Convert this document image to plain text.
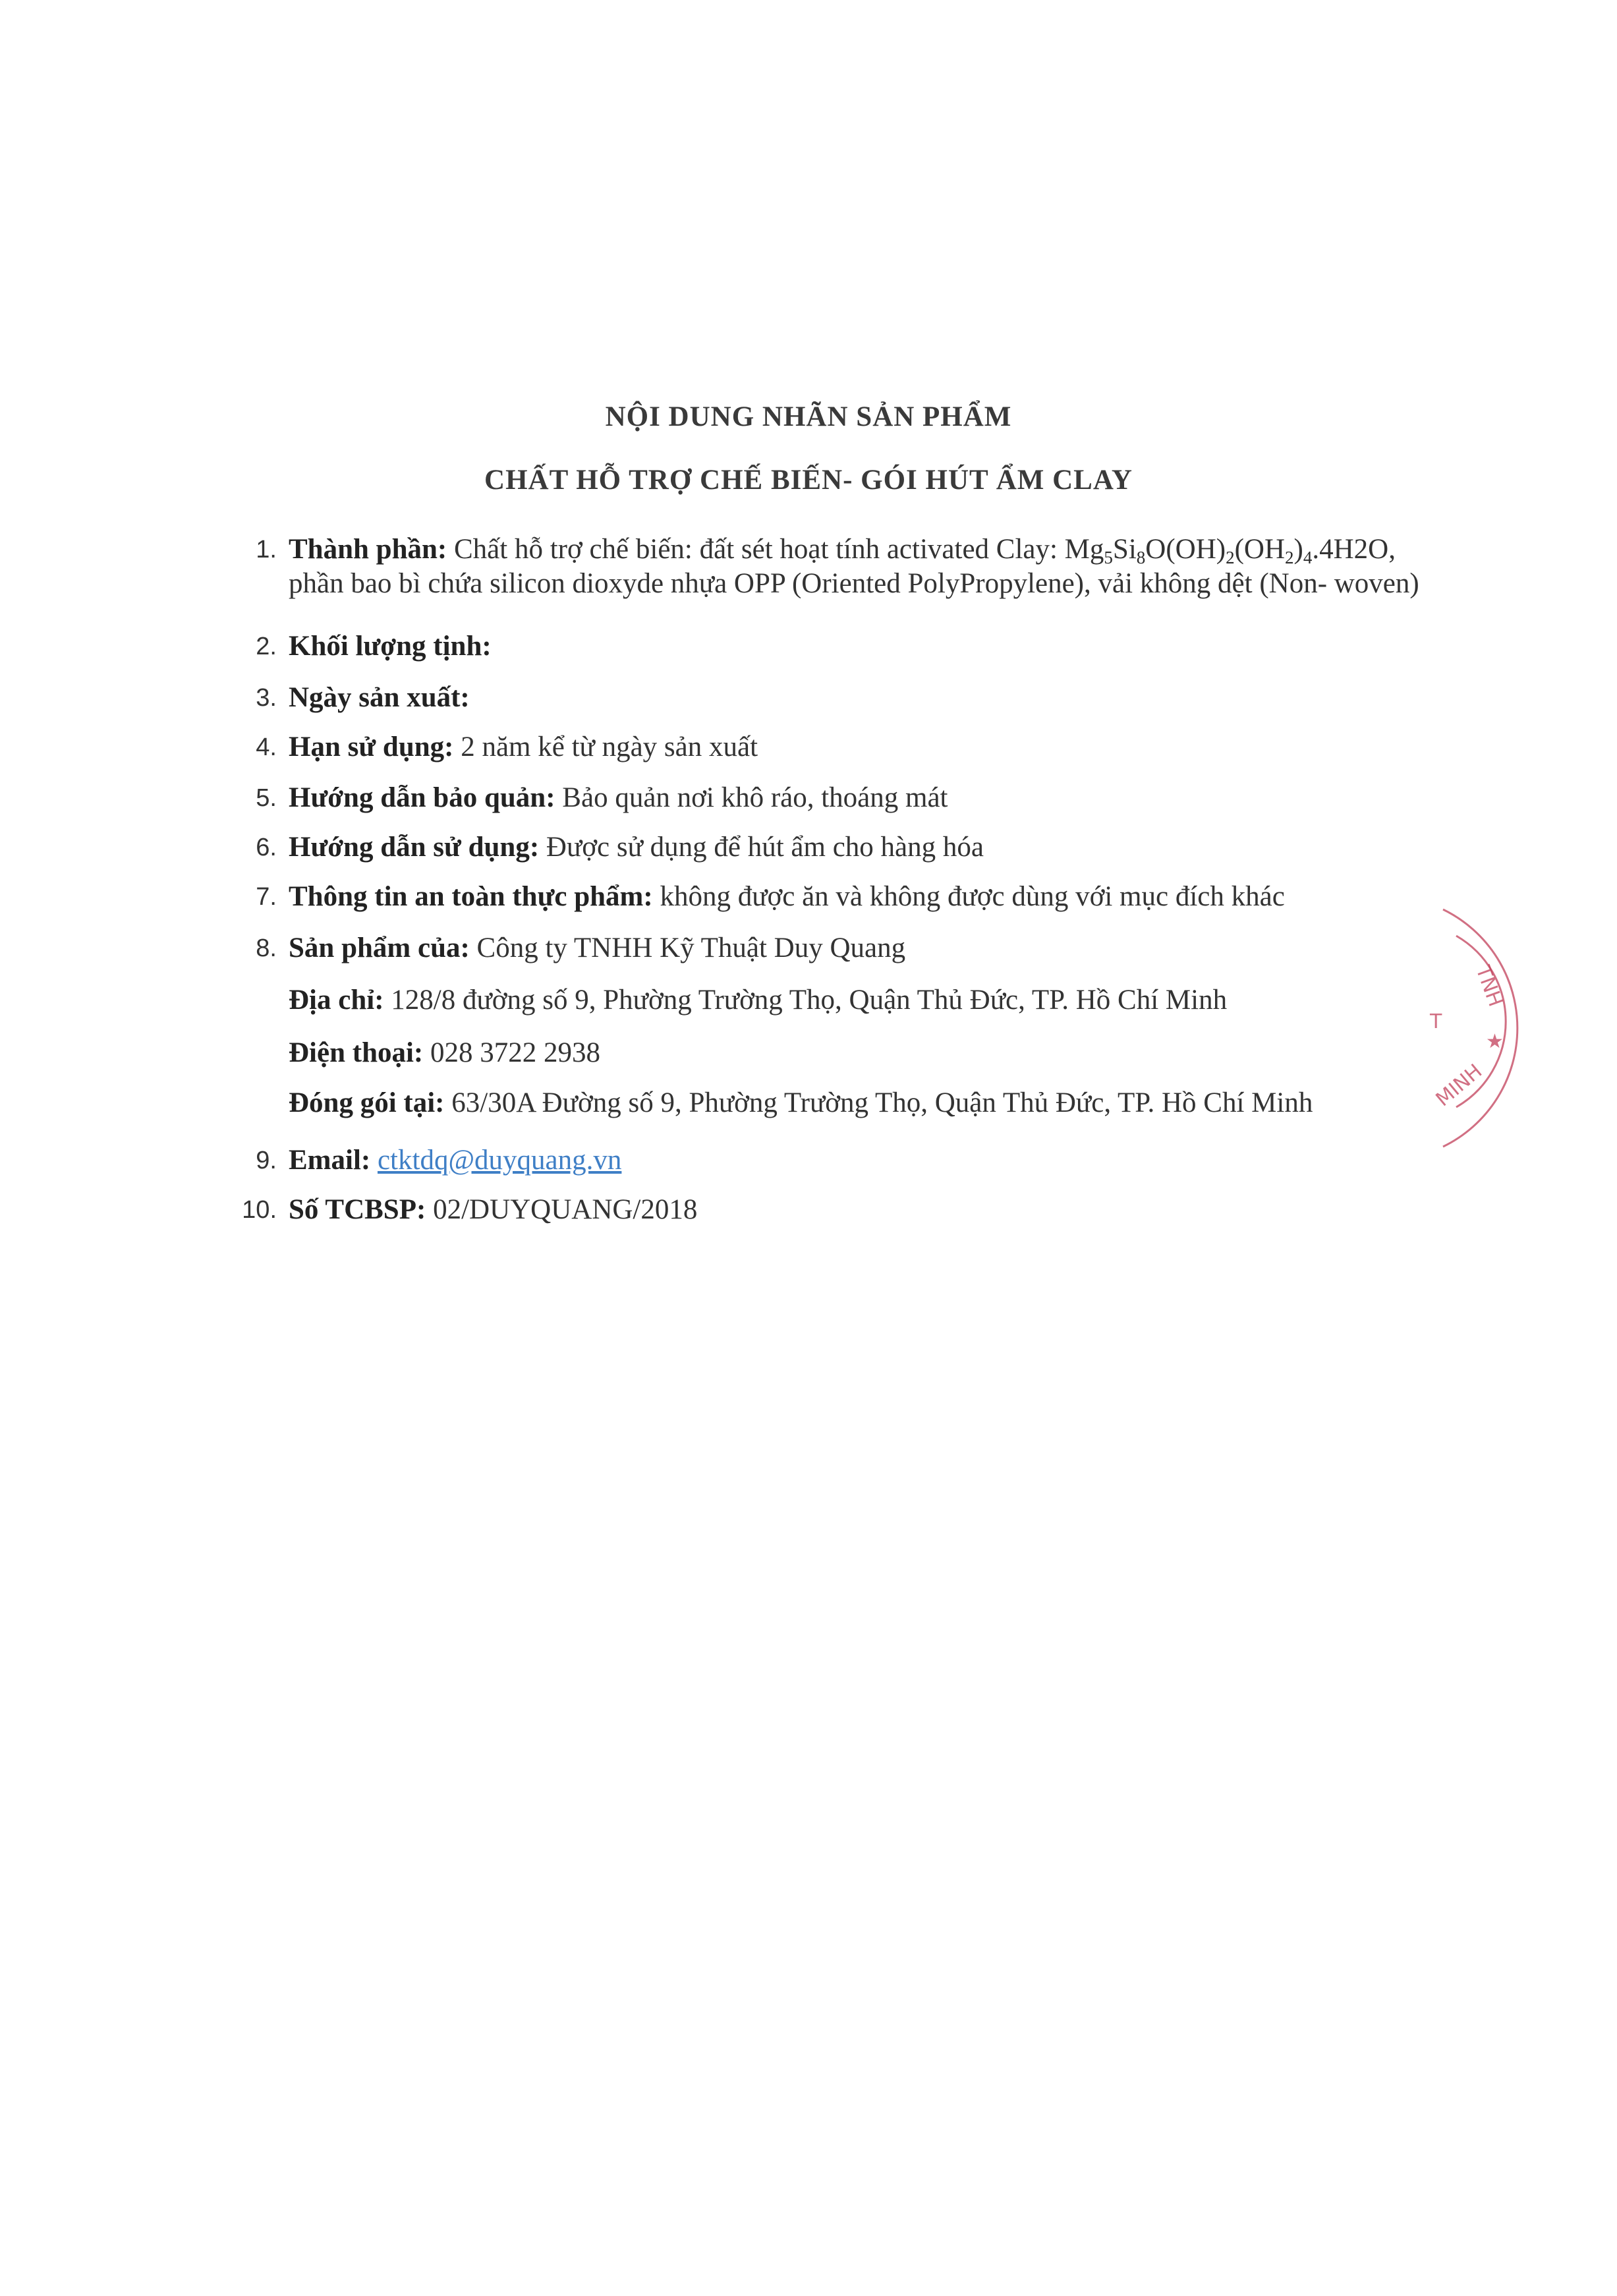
NỘI DUNG NHÃN SẢN PHẨM
CHẤT HỖ TRỢ CHẾ BIẾN- GÓI HÚT ẨM CLAY
1. Thành phần: Chất hỗ trợ chế biến: đất sét hoạt tính activated Clay: $Mg_5Si_8O(OH)_2(OH_2)_4.4H2O$,
phần bao bì chứa silicon dioxyde nhựa OPP (Oriented PolyPropylene), vải không dệt (Non- woven)
2. Khối lượng tịnh:
3. Ngày sản xuất:
4. Hạn sử dụng: 2 năm kể từ ngày sản xuất
5. Hướng dẫn bảo quản: Bảo quản nơi khô ráo, thoáng mát
6. Hướng dẫn sử dụng: Được sử dụng để hút ẩm cho hàng hóa
7. Thông tin an toàn thực phẩm: không được ăn và không được dùng với mục đích khác
8. Sản phẩm của: Công ty TNHH Kỹ Thuật Duy Quang
Địa chỉ: 128/8 đường số 9, Phường Trường Thọ, Quận Thủ Đức, TP. Hồ Chí Minh
Điện thoại: 028 3722 2938
Đóng gói tại: 63/30A Đường số 9, Phường Trường Thọ, Quận Thủ Đức, TP. Hồ Chí Minh
9. Email: ctktdq@duyquang.vn
10. Số TCBSP: 02/DUYQUANG/2018
TNH
★
MINH
T
